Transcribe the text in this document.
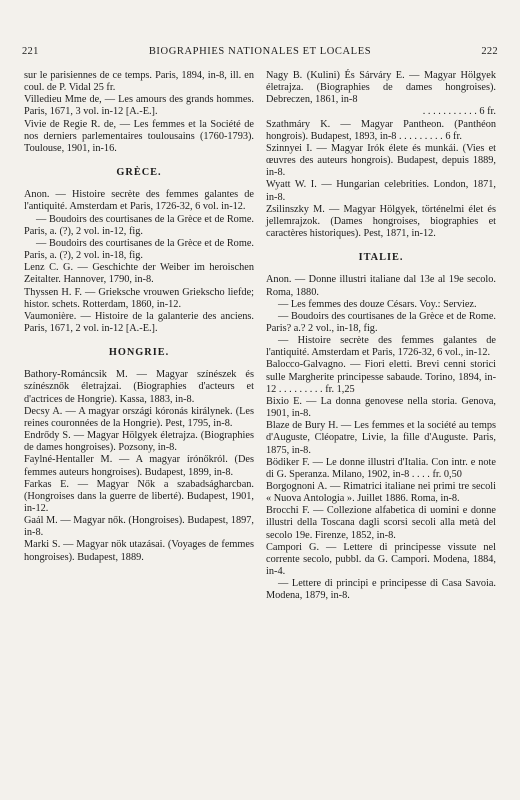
221	BIOGRAPHIES NATIONALES ET LOCALES	222

sur le parisiennes de ce temps. Paris, 1894, in-8, ill. en coul. de P. Vidal 25 fr.

Villedieu Mme de, — Les amours des grands hommes. Paris, 1671, 3 vol. in-12 [A.-E.].

Vivie de Regie R. de, — Les femmes et la Société de nos derniers parlementaires toulousains (1760-1793). Toulouse, 1901, in-16.

GRÈCE.

Anon. — Histoire secrète des femmes galantes de l'antiquité. Amsterdam et Paris, 1726-32, 6 vol. in-12.

— Boudoirs des courtisanes de la Grèce et de Rome. Paris, a. (?), 2 vol. in-12, fig.

— Boudoirs des courtisanes de la Grèce et de Rome. Paris, a. (?), 2 vol. in-18, fig.

Lenz C. G. — Geschichte der Weiber im heroischen Zeitalter. Hannover, 1790, in-8.

Thyssen H. F. — Grieksche vrouwen Griekscho liefde; histor. schets. Rotterdam, 1860, in-12.

Vaumonière. — Histoire de la galanterie des anciens. Paris, 1671, 2 vol. in-12 [A.-E.].

HONGRIE.

Bathory-Románcsik M. — Magyar színészek és színésznők életrajzai. (Biographies d'acteurs et d'actrices de Hongrie). Kassa, 1883, in-8.

Decsy A. — A magyar országi kóronás királynek. (Les reines couronnées de la Hongrie). Pest, 1795, in-8.

Endrődy S. — Magyar Hölgyek életrajza. (Biographies de dames hongroises). Pozsony, in-8.

Faylné-Hentaller M. — A magyar írónőkról. (Des femmes auteurs hongroises). Budapest, 1899, in-8.

Farkas E. — Magyar Nők a szabadságharcban. (Hongroises dans la guerre de liberté). Budapest, 1901, in-12.

Gaál M. — Magyar nők. (Hongroises). Budapest, 1897, in-8.

Marki S. — Magyar nök utazásai. (Voyages de femmes hongroises). Budapest, 1889.

Nagy B. (Kulini) És Sárváry E. — Magyar Hölgyek életrajza. (Biographies de dames hongroises). Debreczen, 1861, in-8

. . . . . . . . . . . 6 fr.

Szathmáry K. — Magyar Pantheon. (Panthéon hongrois). Budapest, 1893, in-8 . . . . . . . . . 6 fr.

Szinnyei I. — Magyar Irók élete és munkái. (Vies et œuvres des auteurs hongrois). Budapest, depuis 1889, in-8.

Wyatt W. I. — Hungarian celebrities. London, 1871, in-8.

Zsilinszky M. — Magyar Hölgyek, történelmi élet és jellemrajzok. (Dames hongroises, biographies et caractères historiques). Pest, 1871, in-12.

ITALIE.

Anon. — Donne illustri italiane dal 13e al 19e secolo. Roma, 1880.

— Les femmes des douze Césars. Voy.: Serviez.

— Boudoirs des courtisanes de la Grèce et de Rome. Paris? a.? 2 vol., in-18, fig.

— Histoire secrète des femmes galantes de l'antiquité. Amsterdam et Paris, 1726-32, 6 vol., in-12.

Balocco-Galvagno. — Fiori eletti. Brevi cenni storici sulle Margherite principesse sabaude. Torino, 1894, in-12 . . . . . . . . . fr. 1,25

Bixio E. — La donna genovese nella storia. Genova, 1901, in-8.

Blaze de Bury H. — Les femmes et la société au temps d'Auguste, Cléopatre, Livie, la fille d'Auguste. Paris, 1875, in-8.

Bödiker F. — Le donne illustri d'Italia. Con intr. e note di G. Speranza. Milano, 1902, in-8 . . . . fr. 0,50

Borgognoni A. — Rimatrici italiane nei primi tre secoli « Nuova Antologia ». Juillet 1886. Roma, in-8.

Brocchi F. — Collezione alfabetica di uomini e donne illustri della Toscana dagli scorsi secoli alla metà del secolo 19e. Firenze, 1852, in-8.

Campori G. — Lettere di principesse vissute nel corrente secolo, pubbl. da G. Campori. Modena, 1884, in-4.

— Lettere di principi e principesse di Casa Savoia. Modena, 1879, in-8.
